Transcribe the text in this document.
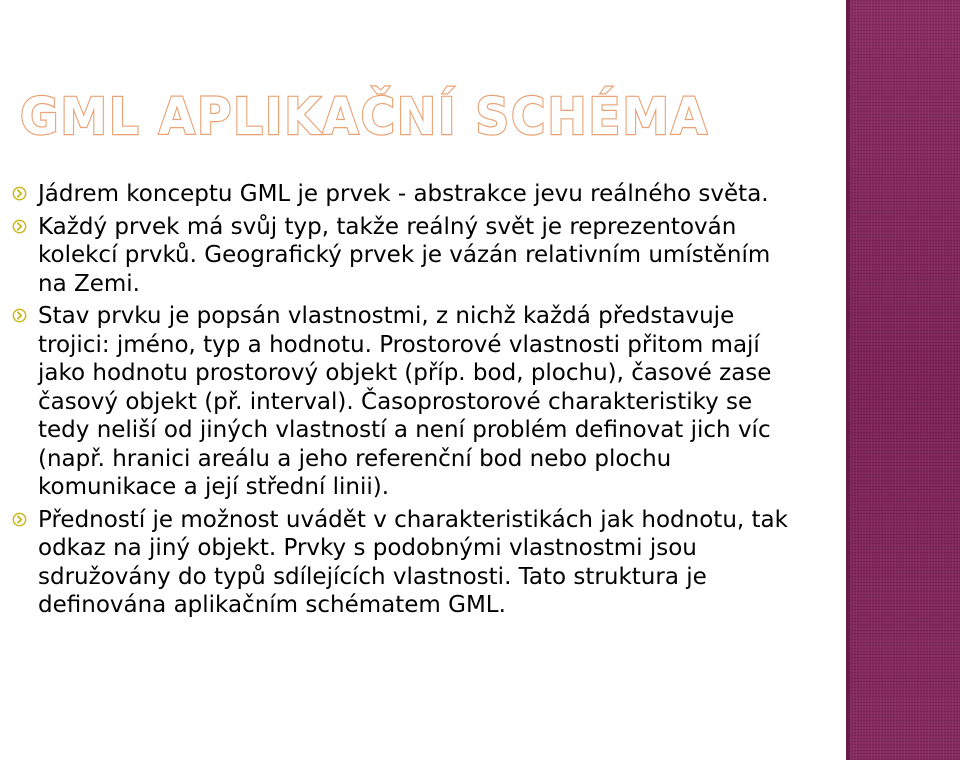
GML APLIKAČNÍ SCHÉMA
Jádrem konceptu GML je prvek - abstrakce jevu reálného světa.
Každý prvek má svůj typ, takže reálný svět je reprezentován kolekcí prvků. Geografický prvek je vázán relativním umístěním na Zemi.
Stav prvku je popsán vlastnostmi, z nichž každá představuje trojici: jméno, typ a hodnotu. Prostorové vlastnosti přitom mají jako hodnotu prostorový objekt (příp. bod, plochu), časové zase časový objekt (př. interval). Časoprostorové charakteristiky se tedy neliší od jiných vlastností a není problém definovat jich víc (např. hranici areálu a jeho referenční bod nebo plochu komunikace a její střední linii).
Předností je možnost uvádět v charakteristikách jak hodnotu, tak odkaz na jiný objekt. Prvky s podobnými vlastnostmi jsou sdružovány do typů sdílejících vlastnosti. Tato struktura je definována aplikačním schématem GML.
